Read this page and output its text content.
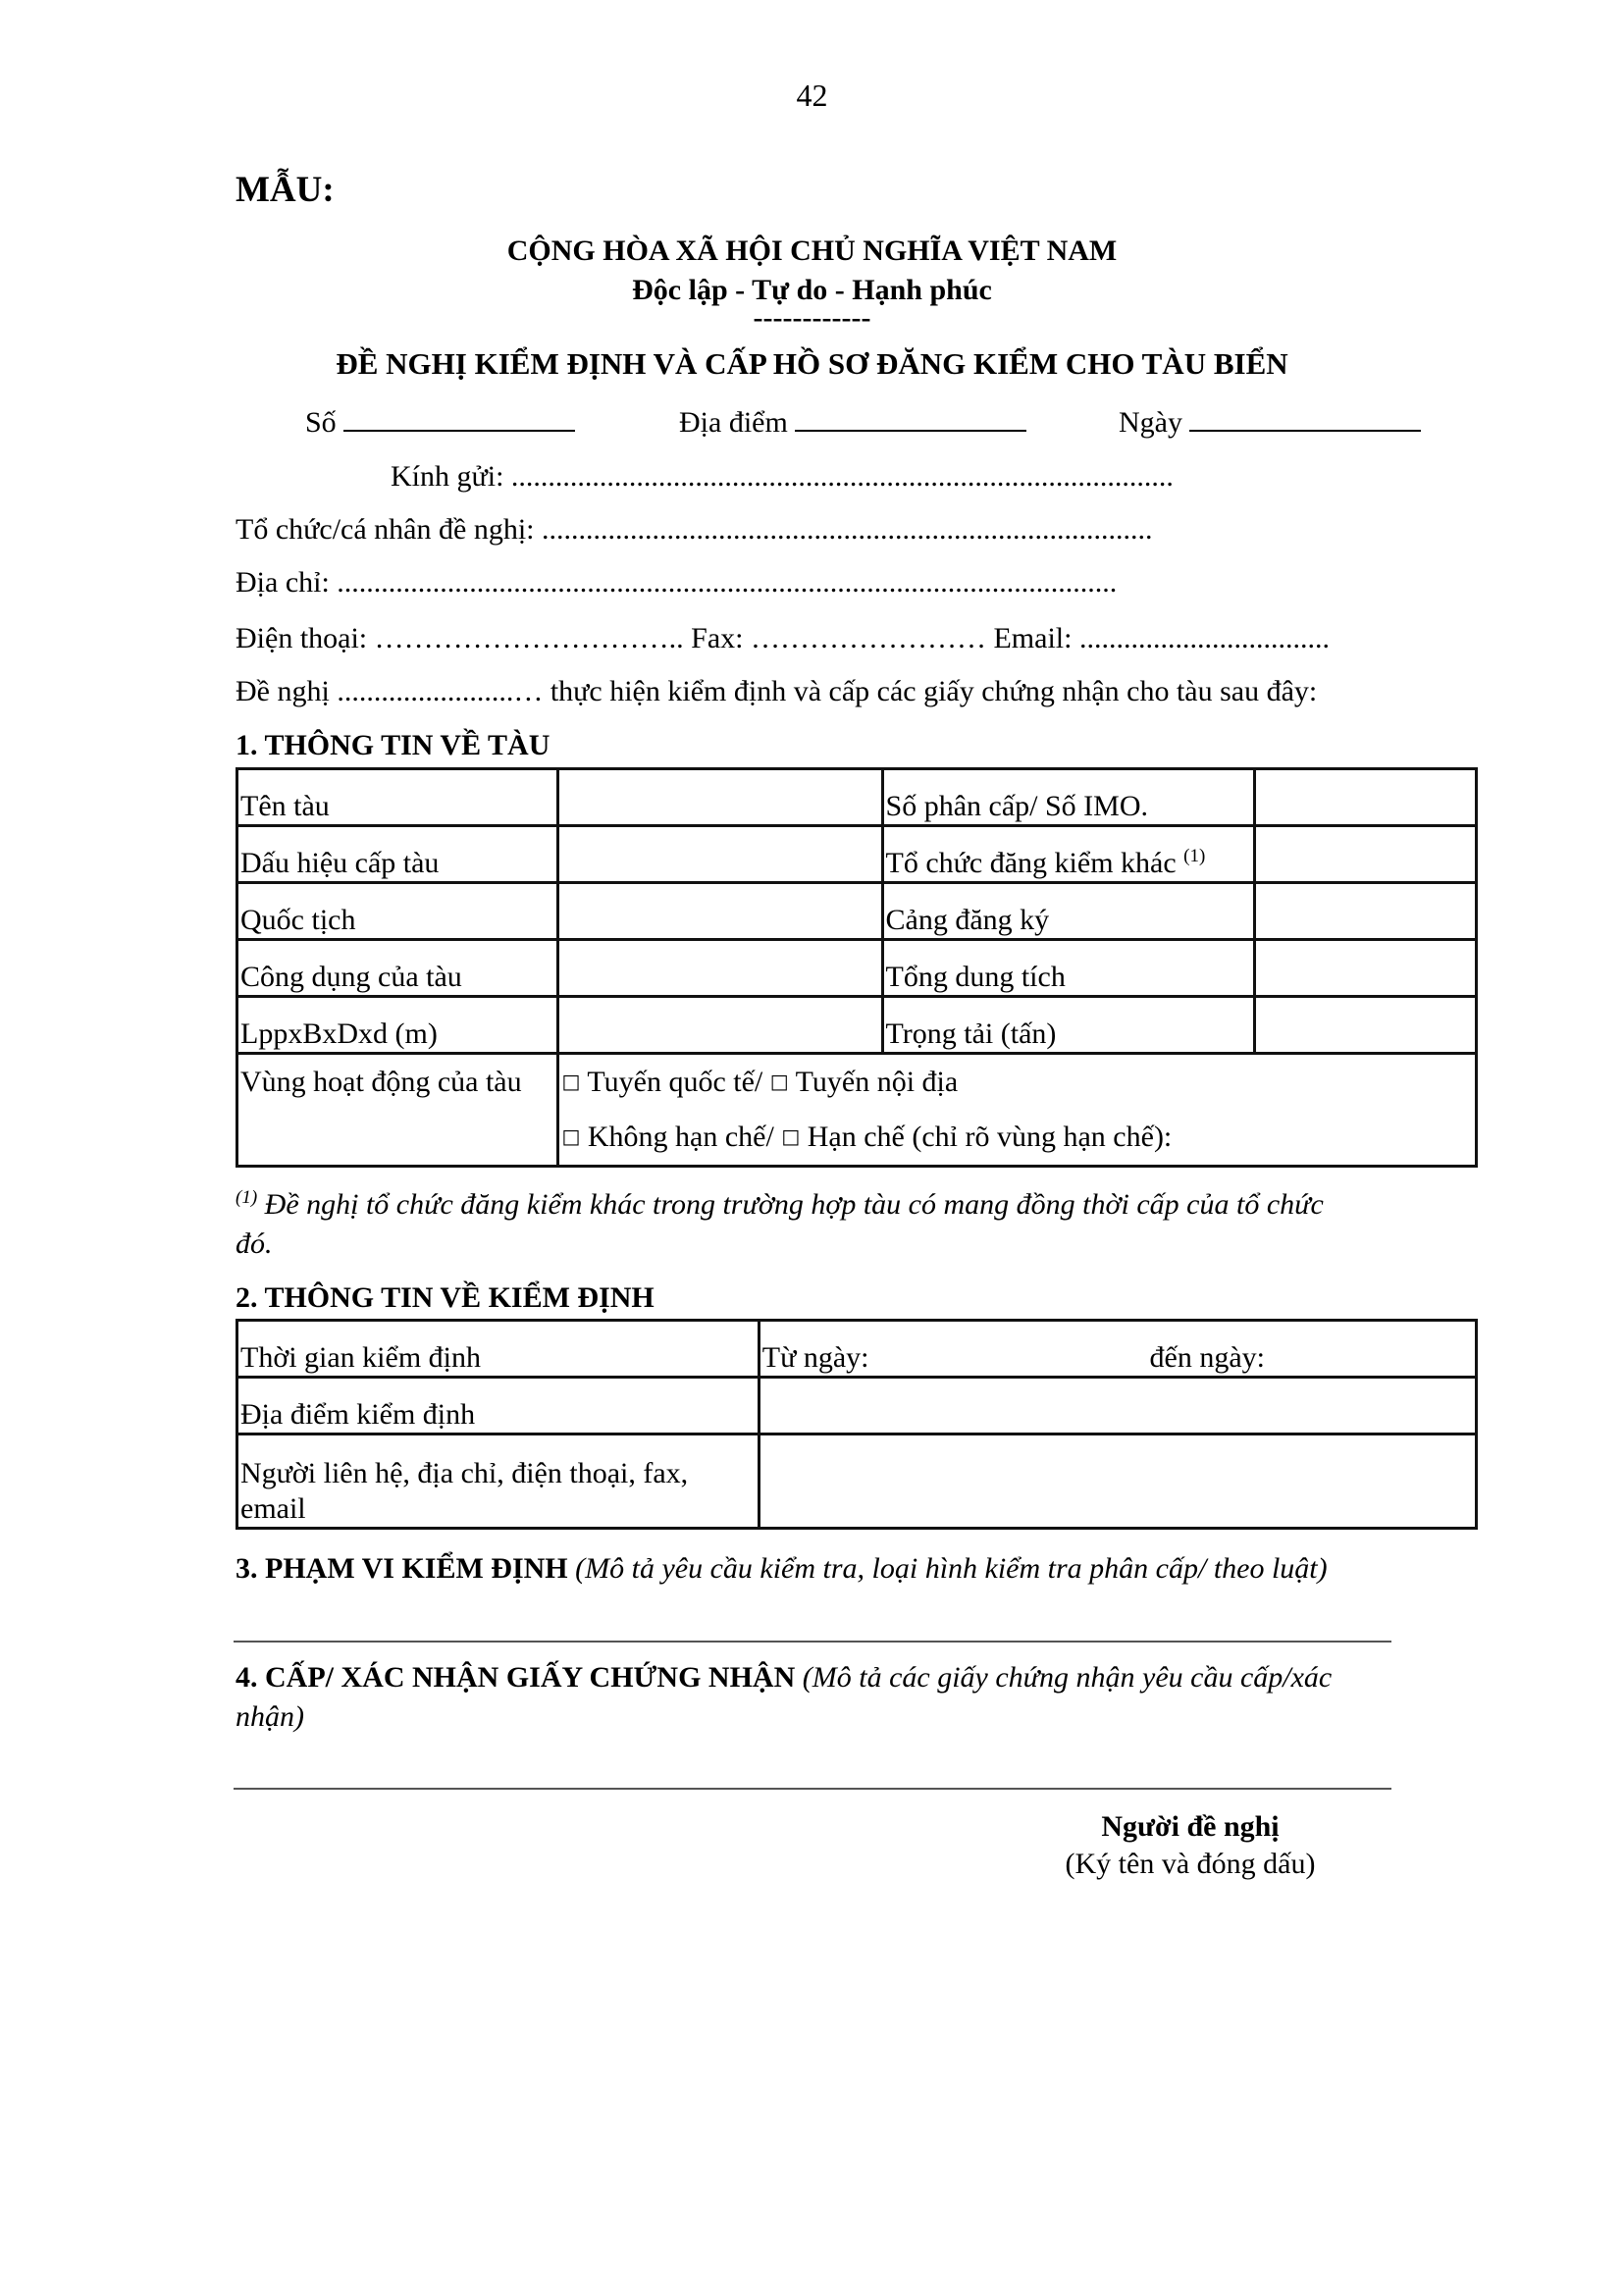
42
MẪU:
CỘNG HÒA XÃ HỘI CHỦ NGHĨA VIỆT NAM
Độc lập - Tự do - Hạnh phúc
------------
ĐỀ NGHỊ KIỂM ĐỊNH VÀ CẤP HỒ SƠ ĐĂNG KIỂM CHO TÀU BIỂN
Số	Địa điểm	Ngày
Kính gửi: ..........................................................................................
Tổ chức/cá nhân đề nghị: ...................................................................................
Địa chỉ: ..........................................................................................................
Điện thoại: ………………………….. Fax: …………………… Email: ..................................
Đề nghị ........................… thực hiện kiểm định và cấp các giấy chứng nhận cho tàu sau đây:
1. THÔNG TIN VỀ TÀU
Tên tàu		Số phân cấp/ Số IMO.	
Dấu hiệu cấp tàu		Tổ chức đăng kiểm khác $^{(1)}$	
Quốc tịch		Cảng đăng ký	
Công dụng của tàu		Tổng dung tích	
LppxBxDxd (m)		Trọng tải (tấn)	
Vùng hoạt động của tàu	□ Tuyến quốc tế/ □ Tuyến nội địa
□ Không hạn chế/ □ Hạn chế (chỉ rõ vùng hạn chế):		
$^{(1)}$ Đề nghị tổ chức đăng kiểm khác trong trường hợp tàu có mang đồng thời cấp của tổ chức
đó.
2. THÔNG TIN VỀ KIỂM ĐỊNH
Thời gian kiểm định	Từ ngày: đến ngày:

Địa điểm kiểm định	

Người liên hệ, địa chỉ, điện thoại, fax,
email	

3. PHẠM VI KIỂM ĐỊNH (Mô tả yêu cầu kiểm tra, loại hình kiểm tra phân cấp/ theo luật)
4. CẤP/ XÁC NHẬN GIẤY CHỨNG NHẬN (Mô tả các giấy chứng nhận yêu cầu cấp/xác
nhận)
Người đề nghị
(Ký tên và đóng dấu)
